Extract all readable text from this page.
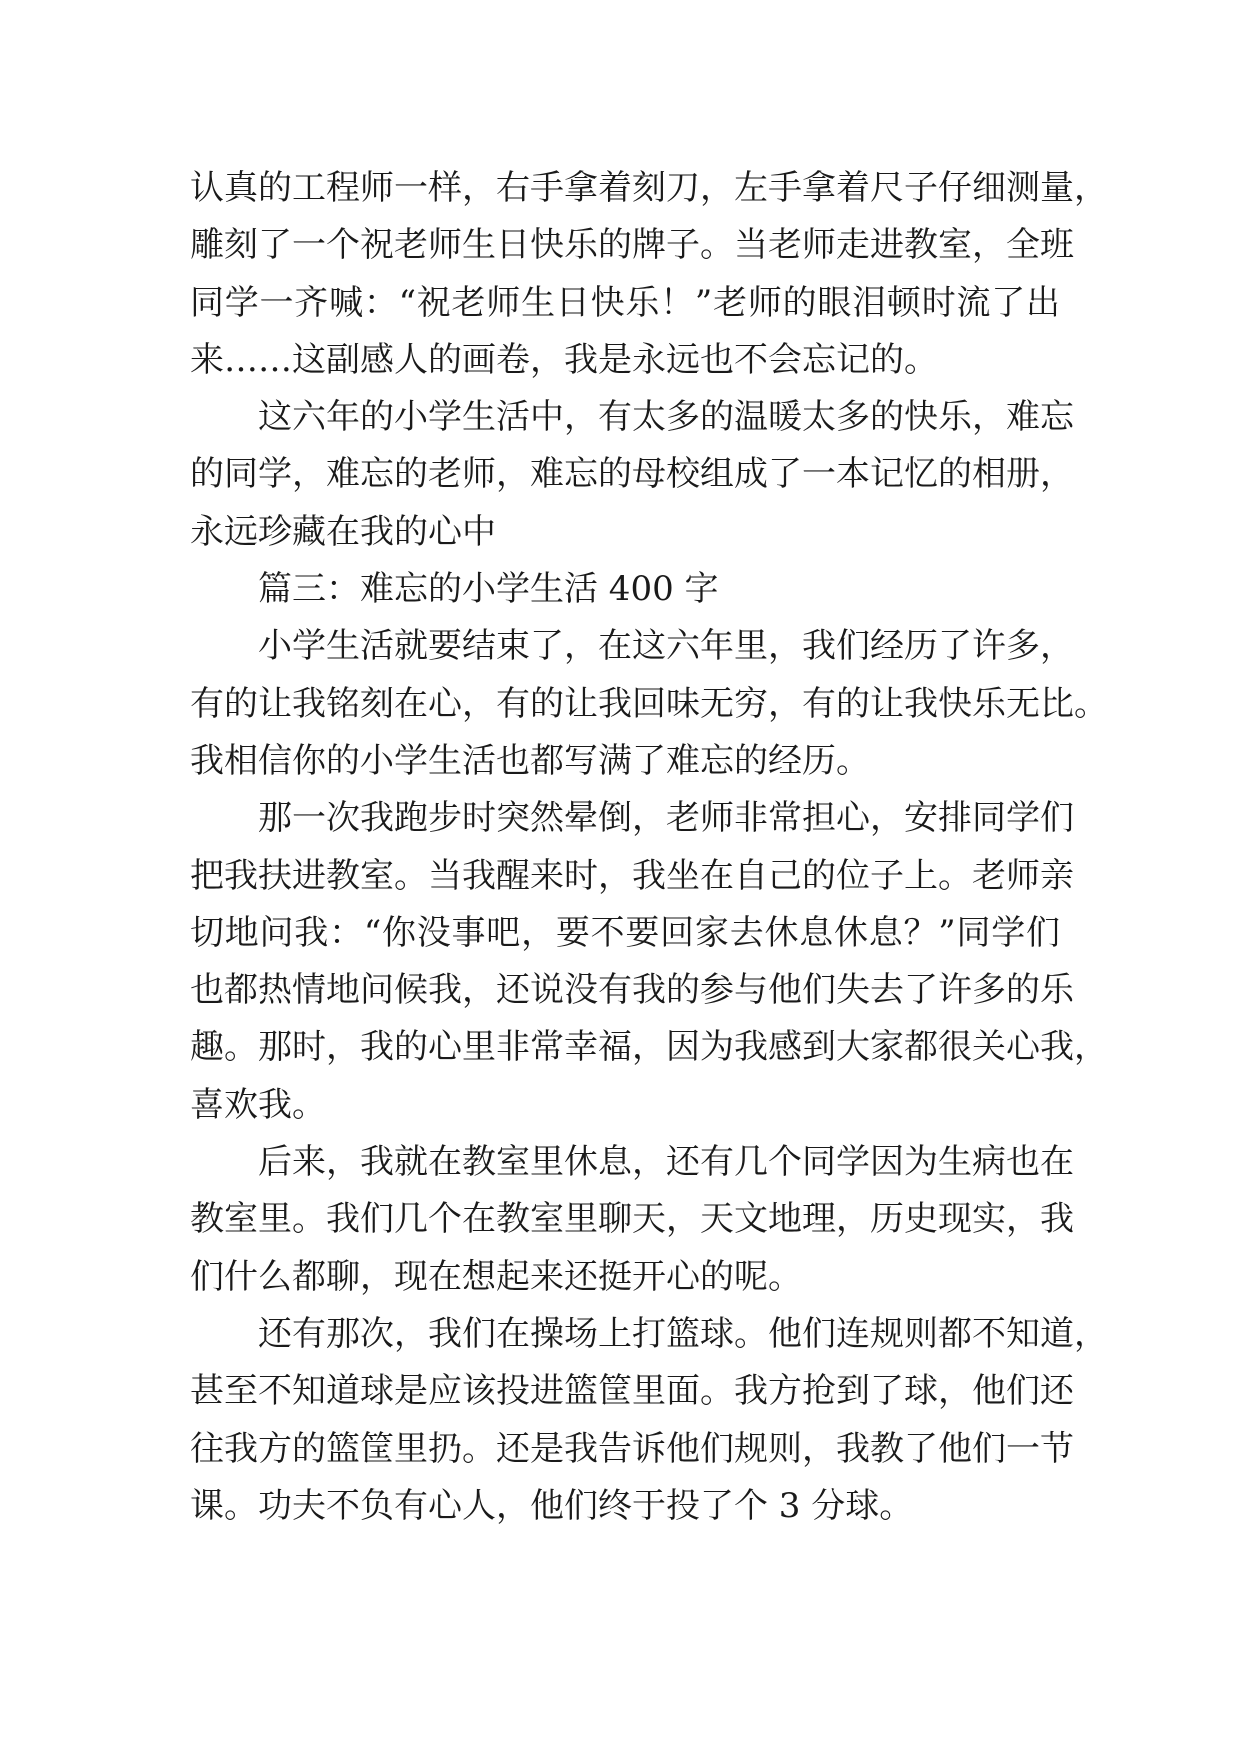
认真的工程师一样，右手拿着刻刀，左手拿着尺子仔细测量，
雕刻了一个祝老师生日快乐的牌子。当老师走进教室，全班
同学一齐喊：“祝老师生日快乐！”老师的眼泪顿时流了出
来……这副感人的画卷，我是永远也不会忘记的。
这六年的小学生活中，有太多的温暖太多的快乐，难忘
的同学，难忘的老师，难忘的母校组成了一本记忆的相册，
永远珍藏在我的心中
篇三：难忘的小学生活 400 字
小学生活就要结束了，在这六年里，我们经历了许多，
有的让我铭刻在心，有的让我回味无穷，有的让我快乐无比。
我相信你的小学生活也都写满了难忘的经历。
那一次我跑步时突然晕倒，老师非常担心，安排同学们
把我扶进教室。当我醒来时，我坐在自己的位子上。老师亲
切地问我：“你没事吧，要不要回家去休息休息？”同学们
也都热情地问候我，还说没有我的参与他们失去了许多的乐
趣。那时，我的心里非常幸福，因为我感到大家都很关心我，
喜欢我。
后来，我就在教室里休息，还有几个同学因为生病也在
教室里。我们几个在教室里聊天，天文地理，历史现实，我
们什么都聊，现在想起来还挺开心的呢。
还有那次，我们在操场上打篮球。他们连规则都不知道，
甚至不知道球是应该投进篮筐里面。我方抢到了球，他们还
往我方的篮筐里扔。还是我告诉他们规则，我教了他们一节
课。功夫不负有心人，他们终于投了个 3 分球。
